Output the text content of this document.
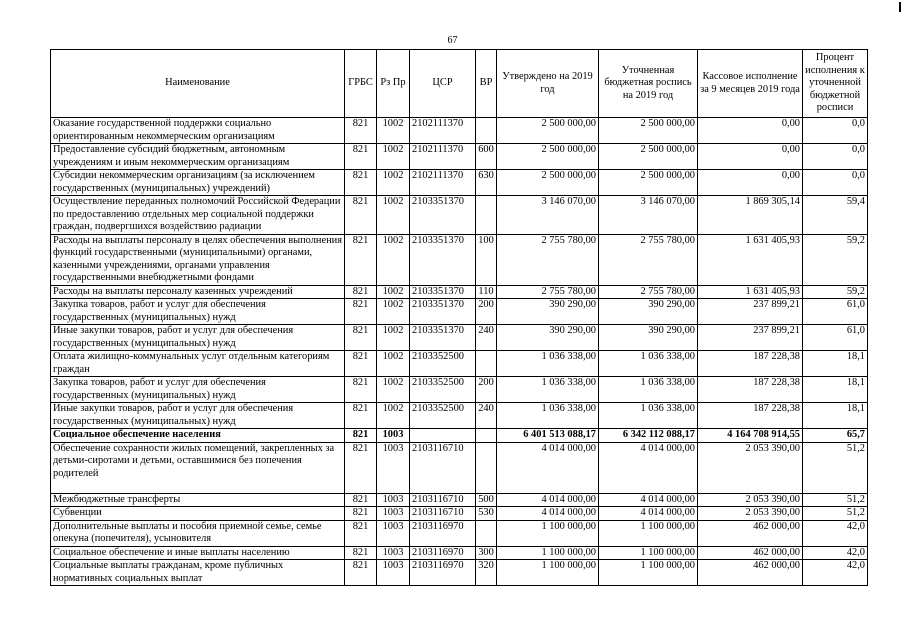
67
Наименование	ГРБС	Рз Пр	ЦСР	ВР	Утверждено на 2019 год	Уточненная бюджетная роспись на 2019 год	Кассовое исполнение за 9 месяцев 2019 года	Процент исполнения к уточненной бюджетной росписи
Оказание государственной поддержки социально ориентированным некоммерческим организациям	821	1002	2102111370		2 500 000,00	2 500 000,00	0,00	0,0
Предоставление субсидий бюджетным, автономным учреждениям и иным некоммерческим организациям	821	1002	2102111370	600	2 500 000,00	2 500 000,00	0,00	0,0
Субсидии некоммерческим организациям (за исключением государственных (муниципальных) учреждений)	821	1002	2102111370	630	2 500 000,00	2 500 000,00	0,00	0,0
Осуществление переданных полномочий Российской Федерации по предоставлению отдельных мер социальной поддержки граждан, подвергшихся воздействию радиации	821	1002	2103351370		3 146 070,00	3 146 070,00	1 869 305,14	59,4
Расходы на выплаты персоналу в целях обеспечения выполнения функций государственными (муниципальными) органами, казенными учреждениями, органами управления государственными внебюджетными фондами	821	1002	2103351370	100	2 755 780,00	2 755 780,00	1 631 405,93	59,2
Расходы на выплаты персоналу казенных учреждений	821	1002	2103351370	110	2 755 780,00	2 755 780,00	1 631 405,93	59,2
Закупка товаров, работ и услуг для обеспечения государственных (муниципальных) нужд	821	1002	2103351370	200	390 290,00	390 290,00	237 899,21	61,0
Иные закупки товаров, работ и услуг для обеспечения государственных (муниципальных) нужд	821	1002	2103351370	240	390 290,00	390 290,00	237 899,21	61,0
Оплата жилищно-коммунальных услуг отдельным категориям граждан	821	1002	2103352500		1 036 338,00	1 036 338,00	187 228,38	18,1
Закупка товаров, работ и услуг для обеспечения государственных (муниципальных) нужд	821	1002	2103352500	200	1 036 338,00	1 036 338,00	187 228,38	18,1
Иные закупки товаров, работ и услуг для обеспечения государственных (муниципальных) нужд	821	1002	2103352500	240	1 036 338,00	1 036 338,00	187 228,38	18,1
Социальное обеспечение населения	821	1003			6 401 513 088,17	6 342 112 088,17	4 164 708 914,55	65,7
Обеспечение сохранности жилых помещений, закрепленных за детьми-сиротами и детьми, оставшимися без попечения родителей	821	1003	2103116710		4 014 000,00	4 014 000,00	2 053 390,00	51,2
Межбюджетные трансферты	821	1003	2103116710	500	4 014 000,00	4 014 000,00	2 053 390,00	51,2
Субвенции	821	1003	2103116710	530	4 014 000,00	4 014 000,00	2 053 390,00	51,2
Дополнительные выплаты и пособия приемной семье, семье опекуна (попечителя), усыновителя	821	1003	2103116970		1 100 000,00	1 100 000,00	462 000,00	42,0
Социальное обеспечение и иные выплаты населению	821	1003	2103116970	300	1 100 000,00	1 100 000,00	462 000,00	42,0
Социальные выплаты гражданам, кроме публичных нормативных социальных выплат	821	1003	2103116970	320	1 100 000,00	1 100 000,00	462 000,00	42,0
